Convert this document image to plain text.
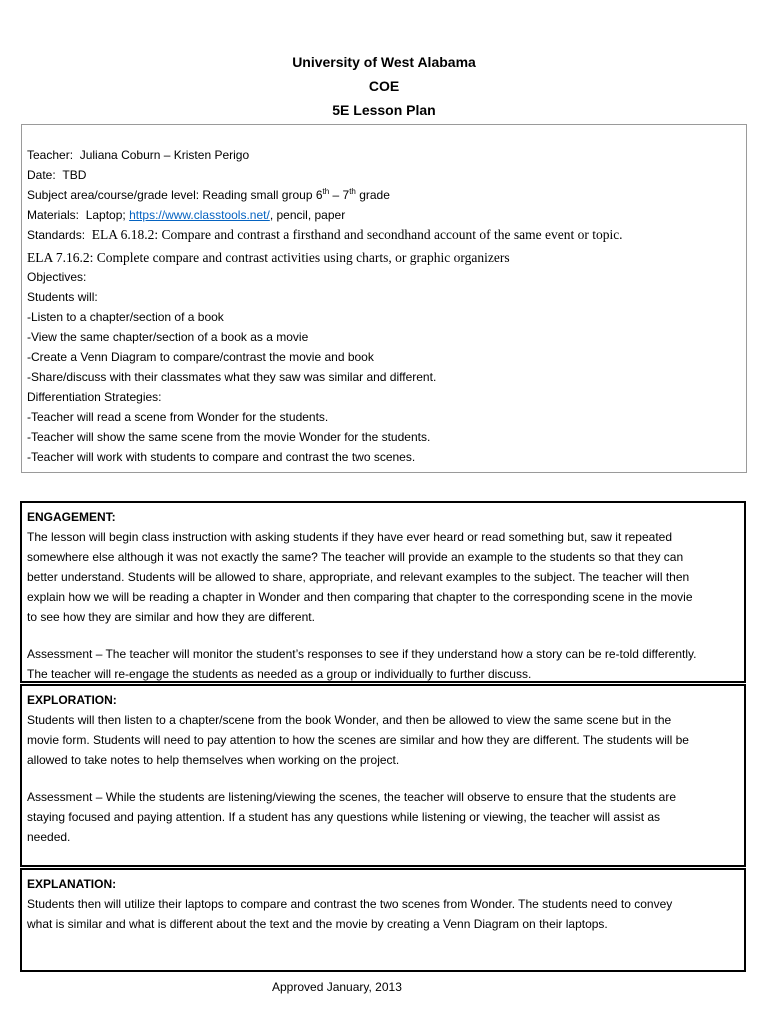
University of West Alabama
COE
5E Lesson Plan
Teacher: Juliana Coburn – Kristen Perigo
Date: TBD
Subject area/course/grade level: Reading small group 6th – 7th grade
Materials: Laptop; https://www.classtools.net/, pencil, paper
Standards: ELA 6.18.2: Compare and contrast a firsthand and secondhand account of the same event or topic.
ELA 7.16.2: Complete compare and contrast activities using charts, or graphic organizers
Objectives:
Students will:
-Listen to a chapter/section of a book
-View the same chapter/section of a book as a movie
-Create a Venn Diagram to compare/contrast the movie and book
-Share/discuss with their classmates what they saw was similar and different.
Differentiation Strategies:
-Teacher will read a scene from Wonder for the students.
-Teacher will show the same scene from the movie Wonder for the students.
-Teacher will work with students to compare and contrast the two scenes.
ENGAGEMENT:
The lesson will begin class instruction with asking students if they have ever heard or read something but, saw it repeated
somewhere else although it was not exactly the same? The teacher will provide an example to the students so that they can
better understand. Students will be allowed to share, appropriate, and relevant examples to the subject. The teacher will then
explain how we will be reading a chapter in Wonder and then comparing that chapter to the corresponding scene in the movie
to see how they are similar and how they are different.
Assessment – The teacher will monitor the student’s responses to see if they understand how a story can be re-told differently.
The teacher will re-engage the students as needed as a group or individually to further discuss.
EXPLORATION:
Students will then listen to a chapter/scene from the book Wonder, and then be allowed to view the same scene but in the
movie form. Students will need to pay attention to how the scenes are similar and how they are different. The students will be
allowed to take notes to help themselves when working on the project.
Assessment – While the students are listening/viewing the scenes, the teacher will observe to ensure that the students are
staying focused and paying attention. If a student has any questions while listening or viewing, the teacher will assist as
needed.
EXPLANATION:
Students then will utilize their laptops to compare and contrast the two scenes from Wonder. The students need to convey
what is similar and what is different about the text and the movie by creating a Venn Diagram on their laptops.
Approved January, 2013
